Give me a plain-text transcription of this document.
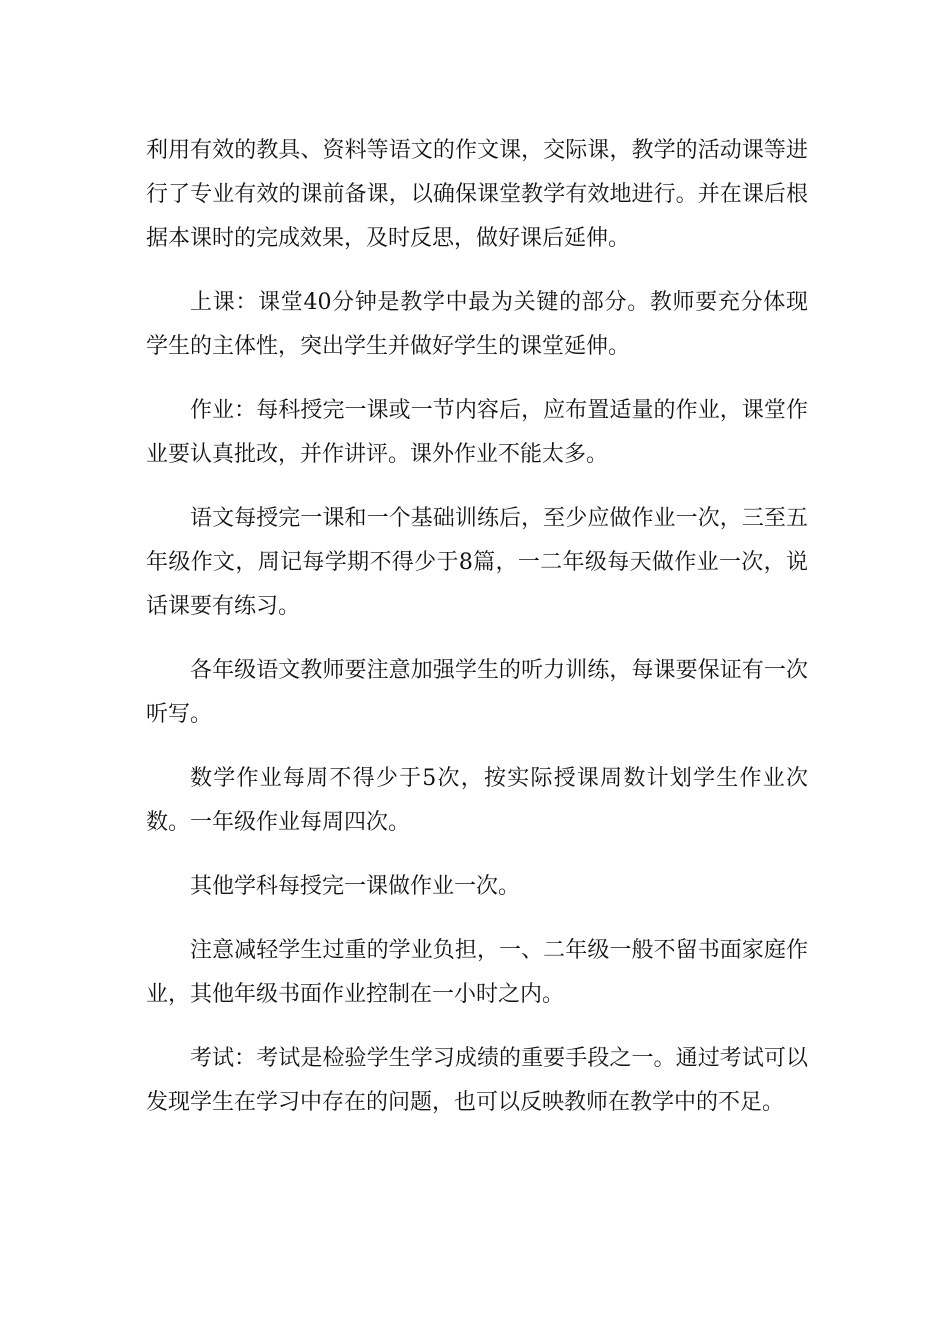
利用有效的教具、资料等语文的作文课，交际课，教学的活动课等进行了专业有效的课前备课，以确保课堂教学有效地进行。并在课后根据本课时的完成效果，及时反思，做好课后延伸。

上课：课堂40分钟是教学中最为关键的部分。教师要充分体现学生的主体性，突出学生并做好学生的课堂延伸。

作业：每科授完一课或一节内容后，应布置适量的作业，课堂作业要认真批改，并作讲评。课外作业不能太多。

语文每授完一课和一个基础训练后，至少应做作业一次，三至五年级作文，周记每学期不得少于8篇，一二年级每天做作业一次，说话课要有练习。

各年级语文教师要注意加强学生的听力训练，每课要保证有一次听写。

数学作业每周不得少于5次，按实际授课周数计划学生作业次数。一年级作业每周四次。

其他学科每授完一课做作业一次。

注意减轻学生过重的学业负担，一、二年级一般不留书面家庭作业，其他年级书面作业控制在一小时之内。

考试：考试是检验学生学习成绩的重要手段之一。通过考试可以发现学生在学习中存在的问题，也可以反映教师在教学中的不足。
